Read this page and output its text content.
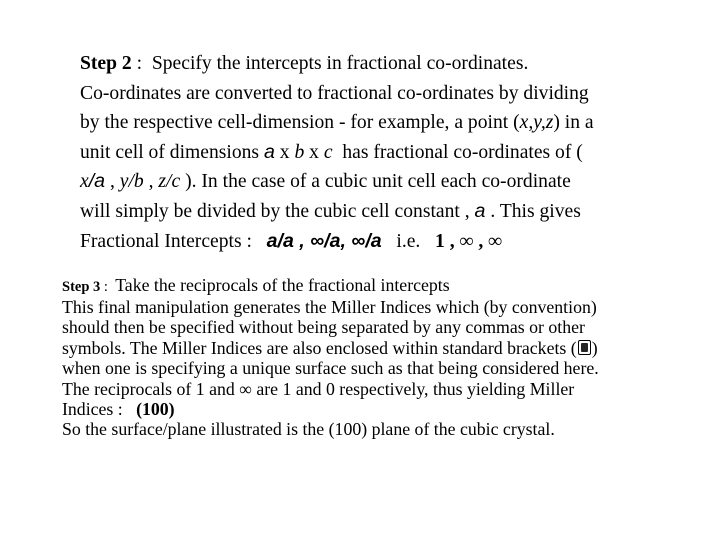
Step 2 :  Specify the intercepts in fractional co-ordinates.
Co-ordinates are converted to fractional co-ordinates by dividing
by the respective cell-dimension - for example, a point (x,y,z) in a
unit cell of dimensions a x b x c  has fractional co-ordinates of (
x/a , y/b , z/c ). In the case of a cubic unit cell each co-ordinate
will simply be divided by the cubic cell constant , a . This gives
Fractional Intercepts :   a/a , ∞/a, ∞/a   i.e.   1 , ∞ , ∞
Step 3 :  Take the reciprocals of the fractional intercepts
This final manipulation generates the Miller Indices which (by convention)
should then be specified without being separated by any commas or other
symbols. The Miller Indices are also enclosed within standard brackets ( )
when one is specifying a unique surface such as that being considered here.
The reciprocals of 1 and ∞ are 1 and 0 respectively, thus yielding Miller
Indices :   (100)
So the surface/plane illustrated is the (100) plane of the cubic crystal.
